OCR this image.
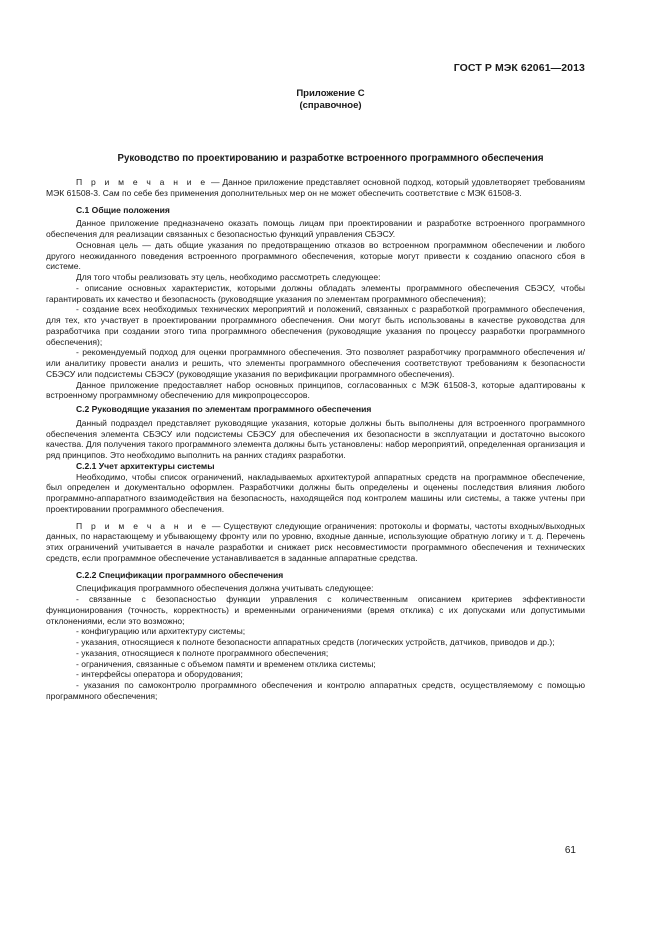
ГОСТ Р МЭК 62061—2013
Приложение С
(справочное)
Руководство по проектированию и разработке встроенного программного обеспечения

П р и м е ч а н и е — Данное приложение представляет основной подход, который удовлетворяет требованиям МЭК 61508-3. Сам по себе без применения дополнительных мер он не может обеспечить соответствие с МЭК 61508-3.

С.1 Общие положения

Данное приложение предназначено оказать помощь лицам при проектировании и разработке встроенного программного обеспечения для реализации связанных с безопасностью функций управления СБЭСУ.

Основная цель — дать общие указания по предотвращению отказов во встроенном программном обеспечении и любого другого неожиданного поведения встроенного программного обеспечения, которые могут привести к созданию опасного сбоя в системе.

Для того чтобы реализовать эту цель, необходимо рассмотреть следующее:

- описание основных характеристик, которыми должны обладать элементы программного обеспечения СБЭСУ, чтобы гарантировать их качество и безопасность (руководящие указания по элементам программного обеспечения);

- создание всех необходимых технических мероприятий и положений, связанных с разработкой программного обеспечения, для тех, кто участвует в проектировании программного обеспечения. Они могут быть использованы в качестве руководства для разработчика при создании этого типа программного обеспечения (руководящие указания по процессу разработки программного обеспечения);

- рекомендуемый подход для оценки программного обеспечения. Это позволяет разработчику программного обеспечения и/или аналитику провести анализ и решить, что элементы программного обеспечения соответствуют требованиям к безопасности СБЭСУ или подсистемы СБЭСУ (руководящие указания по верификации программного обеспечения).

Данное приложение предоставляет набор основных принципов, согласованных с МЭК 61508-3, которые адаптированы к встроенному программному обеспечению для микропроцессоров.

С.2 Руководящие указания по элементам программного обеспечения

Данный подраздел представляет руководящие указания, которые должны быть выполнены для встроенного программного обеспечения элемента СБЭСУ или подсистемы СБЭСУ для обеспечения их безопасности в эксплуатации и достаточно высокого качества. Для получения такого программного элемента должны быть установлены: набор мероприятий, определенная организация и ряд принципов. Это необходимо выполнить на ранних стадиях разработки.

С.2.1 Учет архитектуры системы

Необходимо, чтобы список ограничений, накладываемых архитектурой аппаратных средств на программное обеспечение, был определен и документально оформлен. Разработчики должны быть определены и оценены последствия влияния любого программно-аппаратного взаимодействия на безопасность, находящейся под контролем машины или системы, а также учтены при проектировании программного обеспечения.

П р и м е ч а н и е — Существуют следующие ограничения: протоколы и форматы, частоты входных/выходных данных, по нарастающему и убывающему фронту или по уровню, входные данные, использующие обратную логику и т. д. Перечень этих ограничений учитывается в начале разработки и снижает риск несовместимости программного обеспечения и технических средств, если программное обеспечение устанавливается в заданные аппаратные средства.

С.2.2 Спецификации программного обеспечения

Спецификация программного обеспечения должна учитывать следующее:

- связанные с безопасностью функции управления с количественным описанием критериев эффективности функционирования (точность, корректность) и временными ограничениями (время отклика) с их допусками или допустимыми отклонениями, если это возможно;

- конфигурацию или архитектуру системы;

- указания, относящиеся к полноте безопасности аппаратных средств (логических устройств, датчиков, приводов и др.);

- указания, относящиеся к полноте программного обеспечения;

- ограничения, связанные с объемом памяти и временем отклика системы;

- интерфейсы оператора и оборудования;

- указания по самоконтролю программного обеспечения и контролю аппаратных средств, осуществляемому с помощью программного обеспечения;

61
